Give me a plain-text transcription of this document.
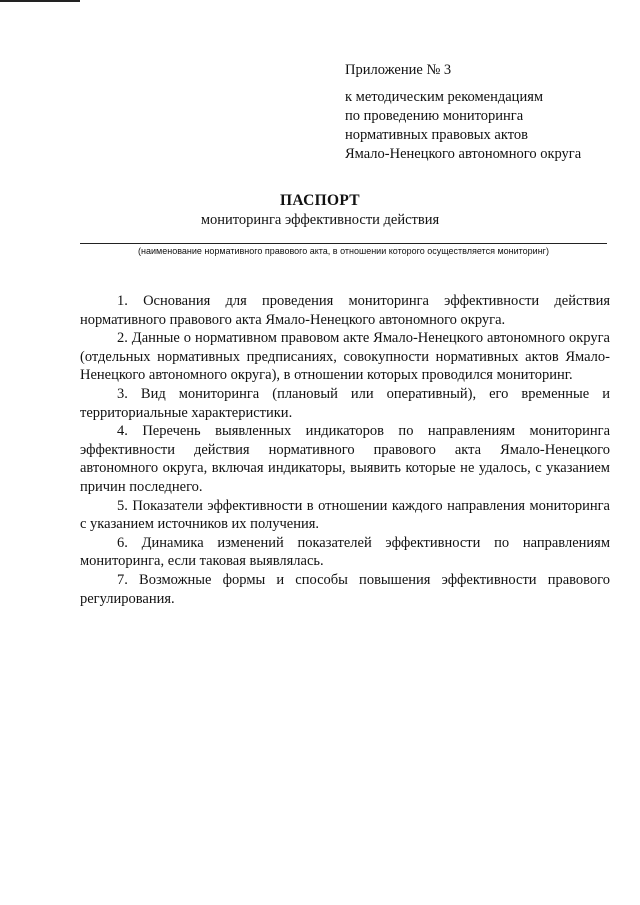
Приложение № 3
к методическим рекомендациям
по проведению мониторинга
нормативных правовых актов
Ямало-Ненецкого автономного округа
ПАСПОРТ
мониторинга эффективности действия
(наименование нормативного правового акта, в отношении которого осуществляется мониторинг)

1. Основания для проведения мониторинга эффективности действия нормативного правового акта Ямало-Ненецкого автономного округа.

2. Данные о нормативном правовом акте Ямало-Ненецкого автономного округа (отдельных нормативных предписаниях, совокупности нормативных актов Ямало-Ненецкого автономного округа), в отношении которых проводился мониторинг.

3. Вид мониторинга (плановый или оперативный), его временные и территориальные характеристики.

4. Перечень выявленных индикаторов по направлениям мониторинга эффективности действия нормативного правового акта Ямало-Ненецкого автономного округа, включая индикаторы, выявить которые не удалось, с указанием причин последнего.

5. Показатели эффективности в отношении каждого направления мониторинга с указанием источников их получения.

6. Динамика изменений показателей эффективности по направлениям мониторинга, если таковая выявлялась.

7. Возможные формы и способы повышения эффективности правового регулирования.
